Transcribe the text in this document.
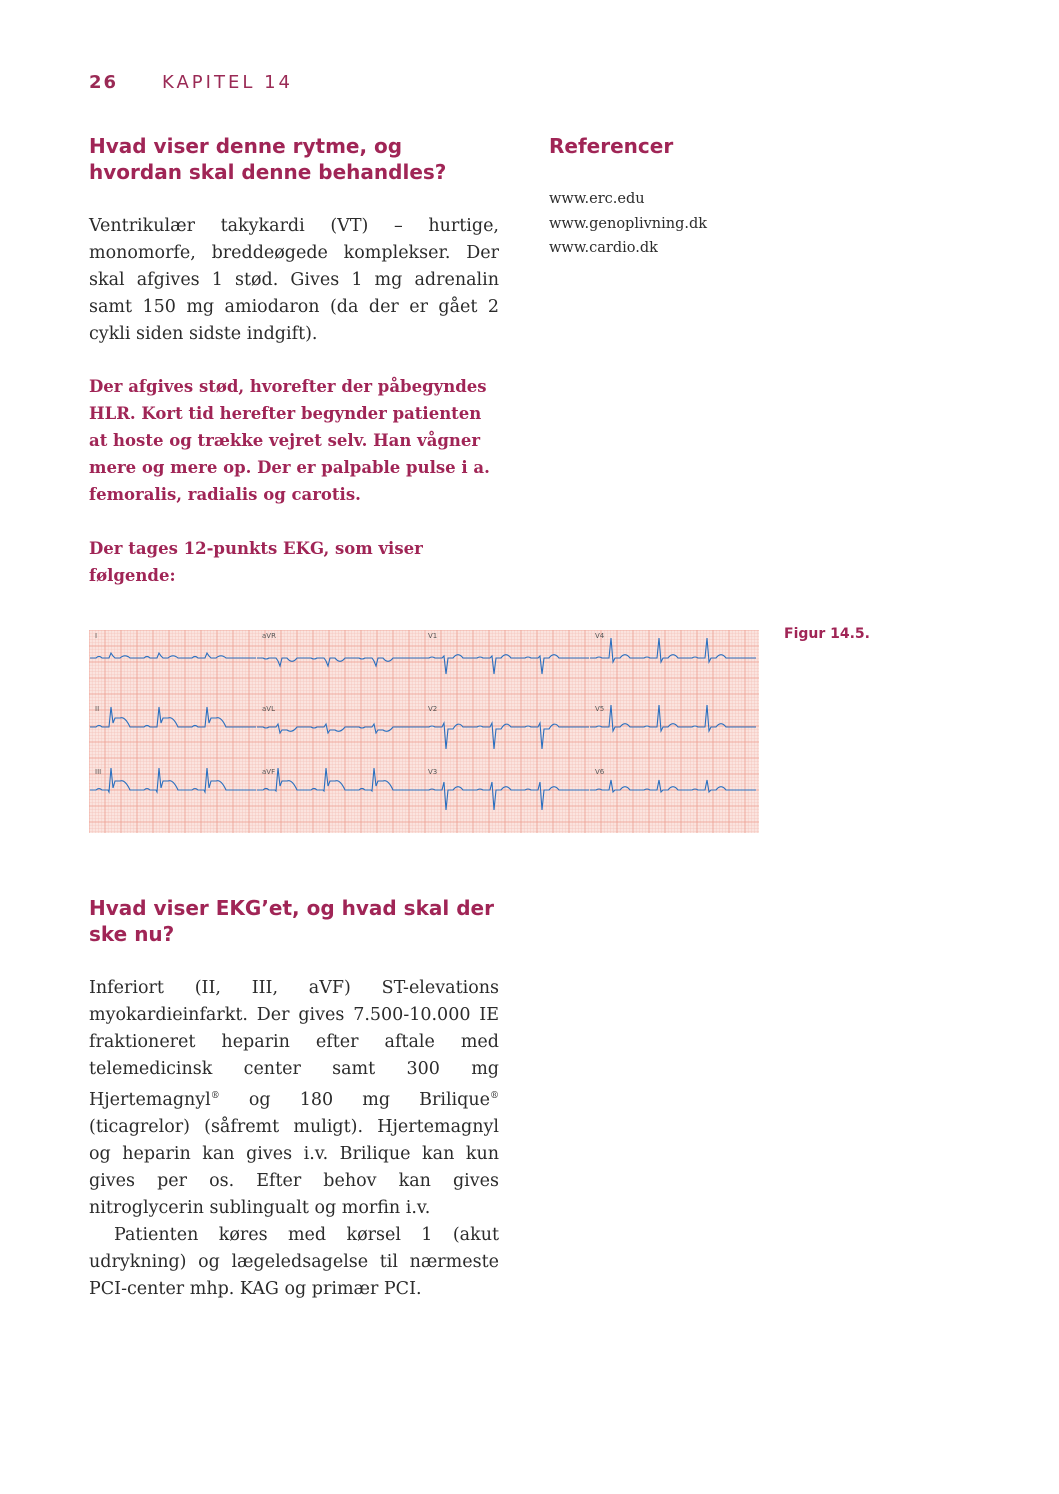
26 KAPITEL 14
Hvad viser denne rytme, og hvordan skal denne behandles?

Ventrikulær takykardi (VT) – hurtige, monomorfe, breddeøgede komplekser. Der skal afgives 1 stød. Gives 1 mg adrenalin samt 150 mg amiodaron (da der er gået 2 cykli siden sidste indgift).

Der afgives stød, hvorefter der påbegyndes HLR. Kort tid herefter begynder patienten at hoste og trække vejret selv. Han vågner mere og mere op. Der er palpable pulse i a. femoralis, radialis og carotis.

Der tages 12-punkts EKG, som viser følgende:

Referencer
www.erc.edu
www.genoplivning.dk
www.cardio.dk
I	aVR	V1	V4
II	aVL	V2	V5
III	aVF	V3	V6
Figur 14.5.
Hvad viser EKG’et, og hvad skal der ske nu?

Inferiort (II, III, aVF) ST-elevations myokardieinfarkt. Der gives 7.500-10.000 IE fraktioneret heparin efter aftale med telemedicinsk center samt 300 mg Hjertemagnyl® og 180 mg Brilique® (ticagrelor) (såfremt muligt). Hjertemagnyl og heparin kan gives i.v. Brilique kan kun gives per os. Efter behov kan gives nitroglycerin sublingualt og morfin i.v.

Patienten køres med kørsel 1 (akut udrykning) og lægeledsagelse til nærmeste PCI-center mhp. KAG og primær PCI.
